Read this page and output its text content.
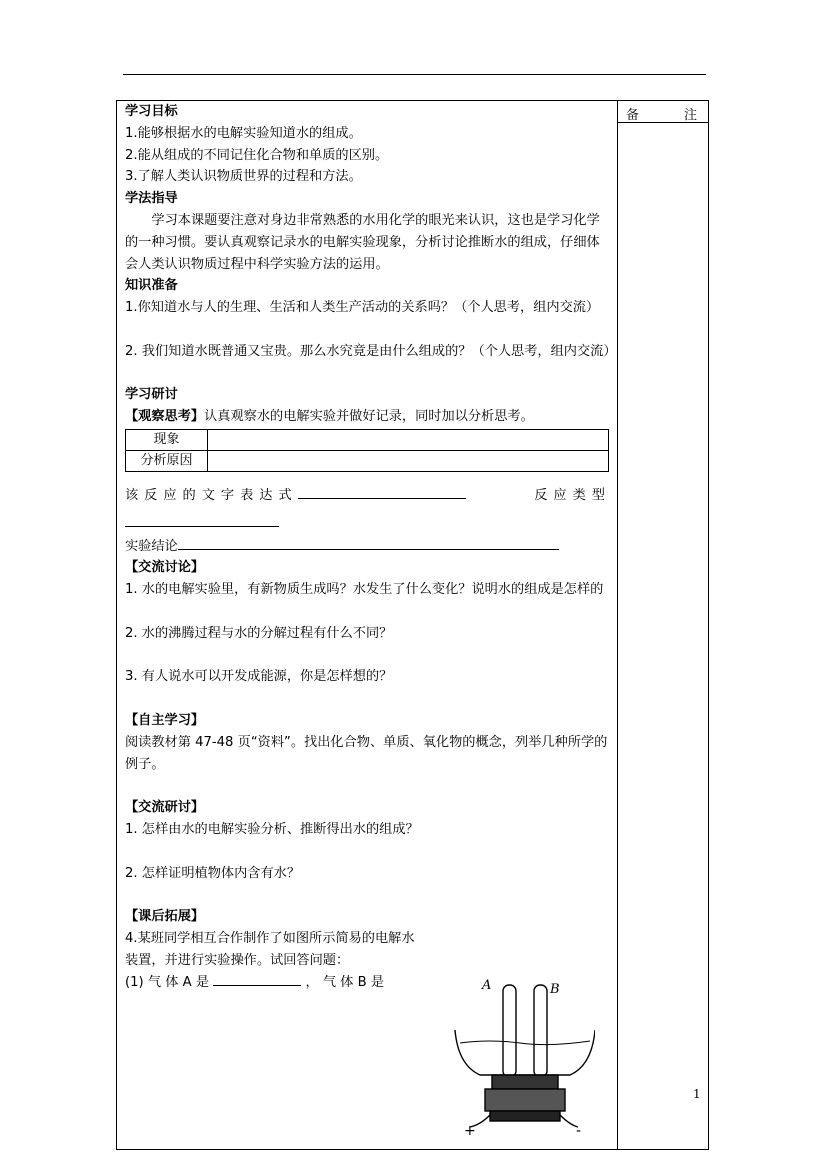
备	注
1

学习目标

1.能够根据水的电解实验知道水的组成。

2.能从组成的不同记住化合物和单质的区别。

3.了解人类认识物质世界的过程和方法。

学法指导

学习本课题要注意对身边非常熟悉的水用化学的眼光来认识，这也是学习化学的一种习惯。要认真观察记录水的电解实验现象，分析讨论推断水的组成，仔细体会人类认识物质过程中科学实验方法的运用。

知识准备

1.你知道水与人的生理、生活和人类生产活动的关系吗？（个人思考，组内交流）

2. 我们知道水既普通又宝贵。那么水究竟是由什么组成的？（个人思考，组内交流）

学习研讨

【观察思考】认真观察水的电解实验并做好记录，同时加以分析思考。

现象	
分析原因	
该反应的文字表达式	反应类型

实验结论

【交流讨论】

1. 水的电解实验里，有新物质生成吗？水发生了什么变化？说明水的组成是怎样的

2. 水的沸腾过程与水的分解过程有什么不同？

3. 有人说水可以开发成能源，你是怎样想的？

【自主学习】

阅读教材第 47-48 页“资料”。找出化合物、单质、氧化物的概念，列举几种所学的例子。

【交流研讨】

1. 怎样由水的电解实验分析、推断得出水的组成？

2. 怎样证明植物体内含有水？

【课后拓展】

4.某班同学相互合作制作了如图所示简易的电解水装置，并进行实验操作。试回答问题：

(1) 气 体 A 是	， 气 体 B 是	A	B
+	-
